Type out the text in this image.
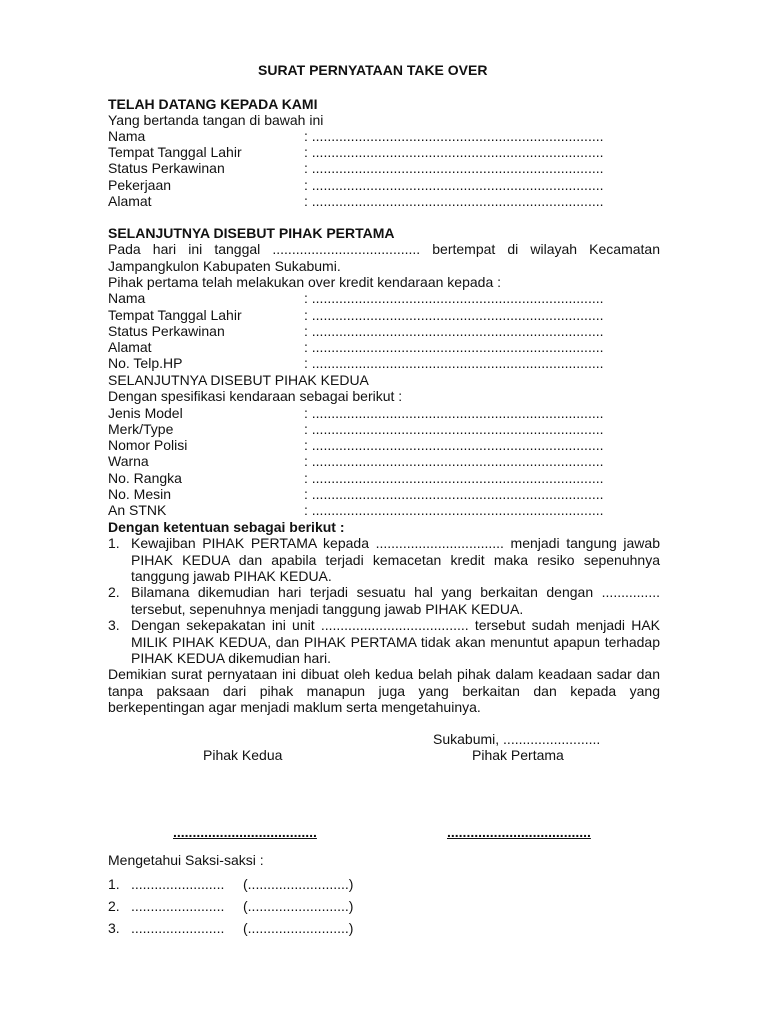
SURAT PERNYATAAN TAKE OVER
TELAH DATANG KEPADA KAMI
Yang bertanda tangan di bawah ini
Nama	: ...........................................................................
Tempat Tanggal Lahir	: ...........................................................................
Status Perkawinan	: ...........................................................................
Pekerjaan	: ...........................................................................
Alamat	: ...........................................................................
SELANJUTNYA DISEBUT PIHAK PERTAMA
Pada hari ini tanggal ...................................... bertempat di wilayah Kecamatan
Jampangkulon Kabupaten Sukabumi.
Pihak pertama telah melakukan over kredit kendaraan kepada :
Nama	: ...........................................................................
Tempat Tanggal Lahir	: ...........................................................................
Status Perkawinan	: ...........................................................................
Alamat	: ...........................................................................
No. Telp.HP	: ...........................................................................
SELANJUTNYA DISEBUT PIHAK KEDUA
Dengan spesifikasi kendaraan sebagai berikut :
Jenis Model	: ...........................................................................
Merk/Type	: ...........................................................................
Nomor Polisi	: ...........................................................................
Warna	: ...........................................................................
No. Rangka	: ...........................................................................
No. Mesin	: ...........................................................................
An STNK	: ...........................................................................
Dengan ketentuan sebagai berikut :
1. Kewajiban PIHAK PERTAMA kepada ................................. menjadi tangung jawab PIHAK KEDUA dan apabila terjadi kemacetan kredit maka resiko sepenuhnya tanggung jawab PIHAK KEDUA.
2. Bilamana dikemudian hari terjadi sesuatu hal yang berkaitan dengan ............... tersebut, sepenuhnya menjadi tanggung jawab PIHAK KEDUA.
3. Dengan sekepakatan ini unit ...................................... tersebut sudah menjadi HAK MILIK PIHAK KEDUA, dan PIHAK PERTAMA tidak akan menuntut apapun terhadap PIHAK KEDUA dikemudian hari.
Demikian surat pernyataan ini dibuat oleh kedua belah pihak dalam keadaan sadar dan tanpa paksaan dari pihak manapun juga yang berkaitan dan kepada yang berkepentingan agar menjadi maklum serta mengetahuinya.
Sukabumi, .........................
Pihak Kedua	Pihak Pertama
.....................................	.....................................
Mengetahui Saksi-saksi :
1. ........................ (..........................)
2. ........................ (..........................)
3. ........................ (..........................)
